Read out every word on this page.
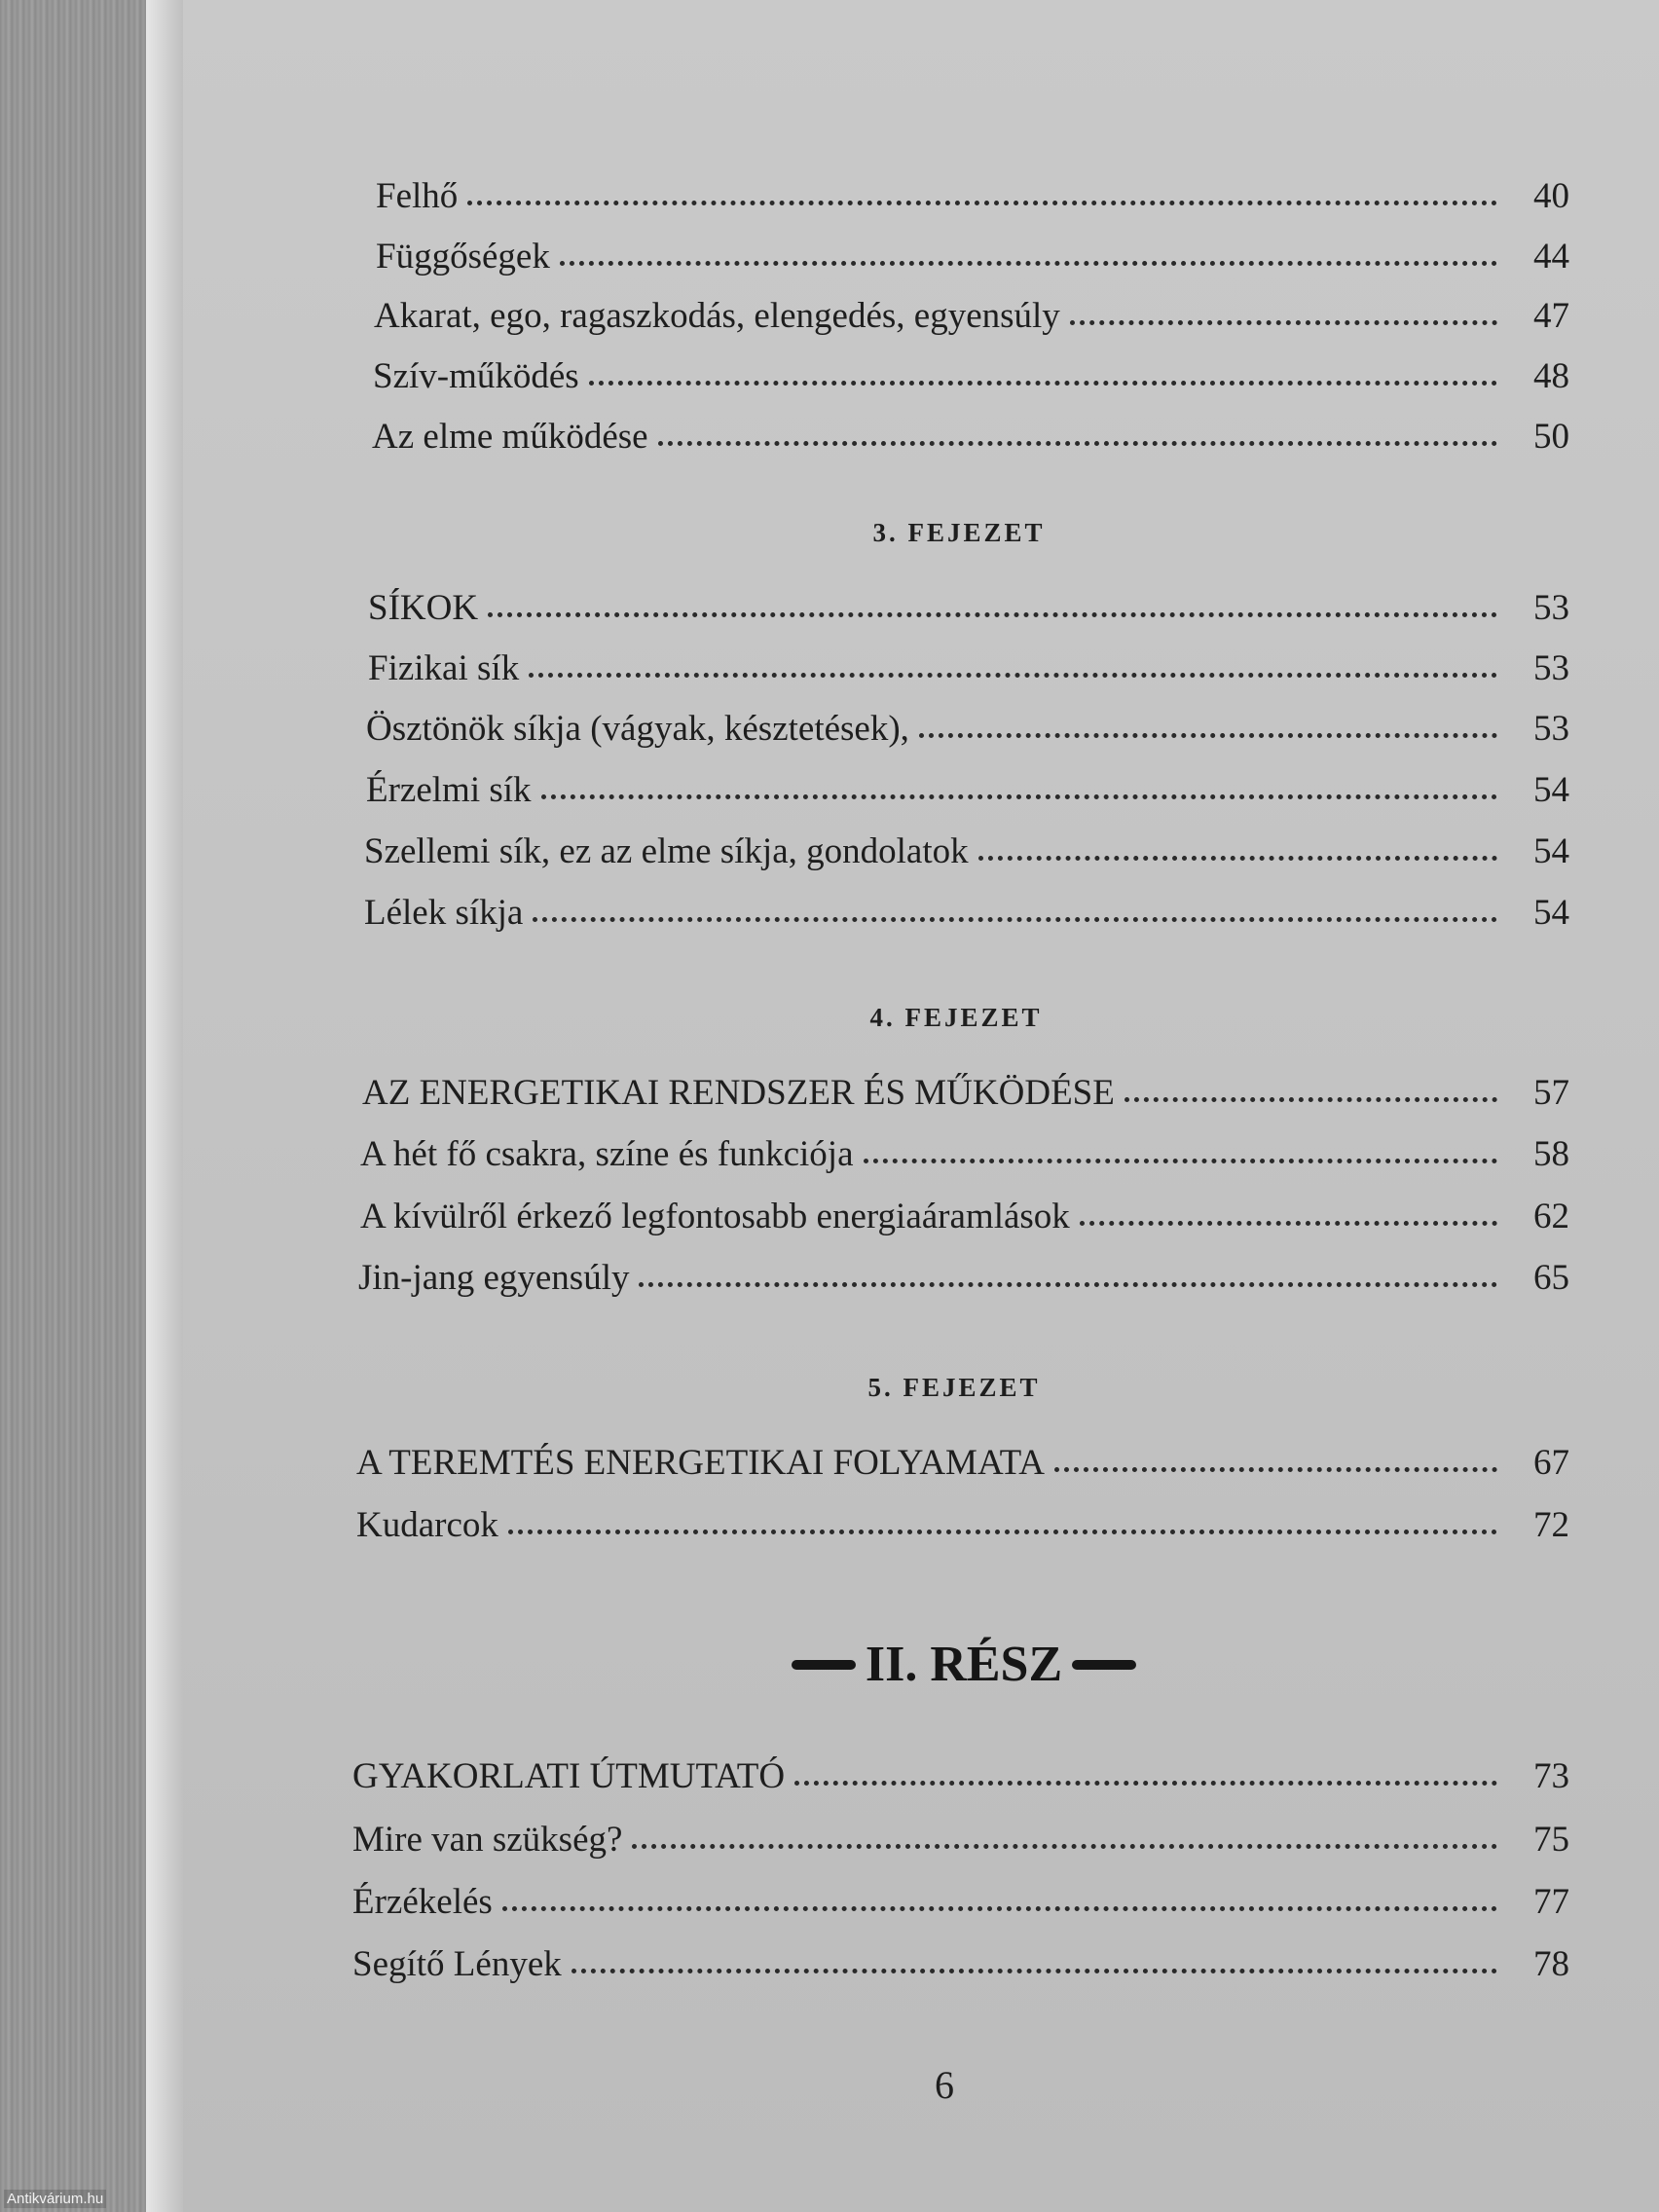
Antikvárium.hu
Felhő	40
Függőségek	44
Akarat, ego, ragaszkodás, elengedés, egyensúly	47
Szív-működés	48
Az elme működése	50
3. FEJEZET
SÍKOK	53
Fizikai sík	53
Ösztönök síkja (vágyak, késztetések),	53
Érzelmi sík	54
Szellemi sík, ez az elme síkja, gondolatok	54
Lélek síkja	54
4. FEJEZET
AZ ENERGETIKAI RENDSZER ÉS MŰKÖDÉSE	57
A hét fő csakra, színe és funkciója	58
A kívülről érkező legfontosabb energiaáramlások	62
Jin-jang egyensúly	65
5. FEJEZET
A TEREMTÉS ENERGETIKAI FOLYAMATA	67
Kudarcok	72
II. RÉSZ
GYAKORLATI ÚTMUTATÓ	73
Mire van szükség?	75
Érzékelés	77
Segítő Lények	78
6
